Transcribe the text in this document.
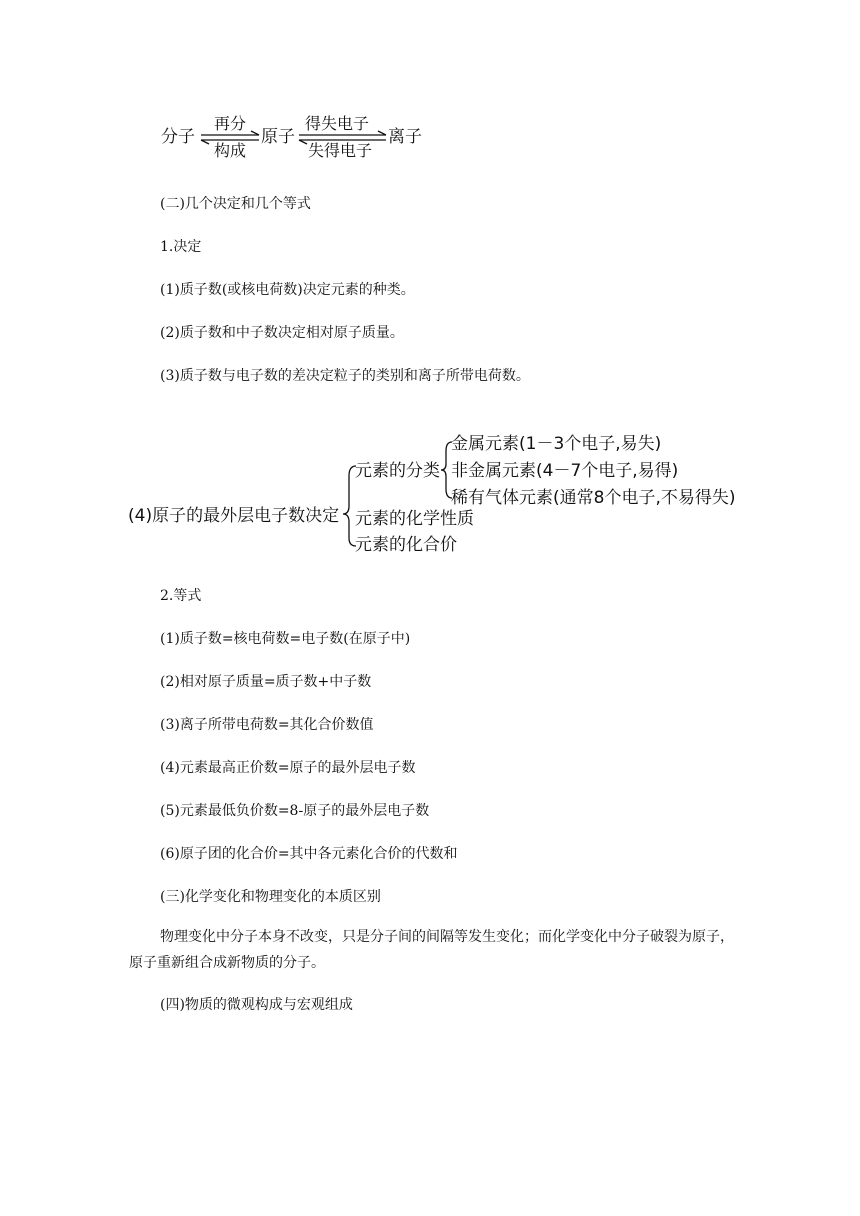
分子
再分
构成
原子
得失电子
失得电子
离子
(二)几个决定和几个等式
1.决定
(1)质子数(或核电荷数)决定元素的种类。
(2)质子数和中子数决定相对原子质量。
(3)质子数与电子数的差决定粒子的类别和离子所带电荷数。
(4)原子的最外层电子数决定
元素的分类
金属元素(1－3个电子,易失)
非金属元素(4－7个电子,易得)
稀有气体元素(通常8个电子,不易得失)
元素的化学性质
元素的化合价
2.等式
(1)质子数=核电荷数=电子数(在原子中)
(2)相对原子质量=质子数+中子数
(3)离子所带电荷数=其化合价数值
(4)元素最高正价数=原子的最外层电子数
(5)元素最低负价数=8-原子的最外层电子数
(6)原子团的化合价=其中各元素化合价的代数和
(三)化学变化和物理变化的本质区别
物理变化中分子本身不改变，只是分子间的间隔等发生变化；而化学变化中分子破裂为原子，原子重新组合成新物质的分子。
(四)物质的微观构成与宏观组成
